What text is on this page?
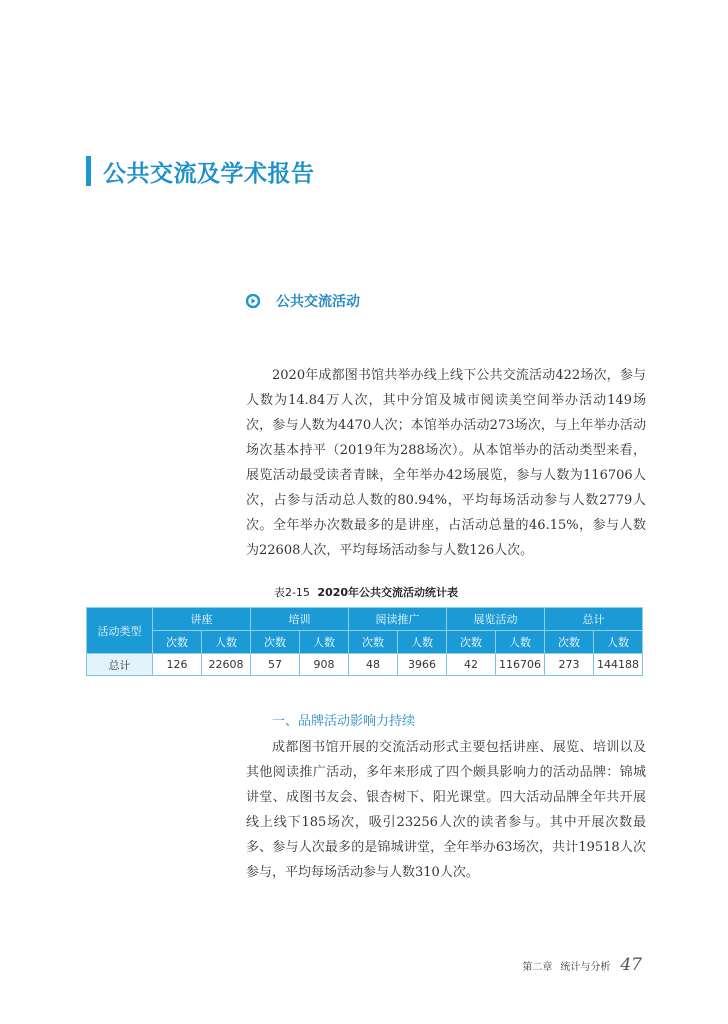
公共交流及学术报告
公共交流活动

2020年成都图书馆共举办线上线下公共交流活动422场次，参与人数为14.84万人次，其中分馆及城市阅读美空间举办活动149场次，参与人数为4470人次；本馆举办活动273场次，与上年举办活动场次基本持平（2019年为288场次）。从本馆举办的活动类型来看，展览活动最受读者青睐，全年举办42场展览，参与人数为116706人次，占参与活动总人数的80.94%，平均每场活动参与人数2779人次。全年举办次数最多的是讲座，占活动总量的46.15%，参与人数为22608人次，平均每场活动参与人数126人次。

表2-15 2020年公共交流活动统计表
活动类型	讲座		培训		阅读推广		展览活动		总计	
	次数	人数	次数	人数	次数	人数	次数	人数	次数	人数
总计	126	22608	57	908	48	3966	42	116706	273	144188
一、品牌活动影响力持续

成都图书馆开展的交流活动形式主要包括讲座、展览、培训以及其他阅读推广活动，多年来形成了四个颇具影响力的活动品牌：锦城讲堂、成图书友会、银杏树下、阳光课堂。四大活动品牌全年共开展线上线下185场次，吸引23256人次的读者参与。其中开展次数最多、参与人次最多的是锦城讲堂，全年举办63场次，共计19518人次参与，平均每场活动参与人数310人次。

第二章 统计与分析 47
